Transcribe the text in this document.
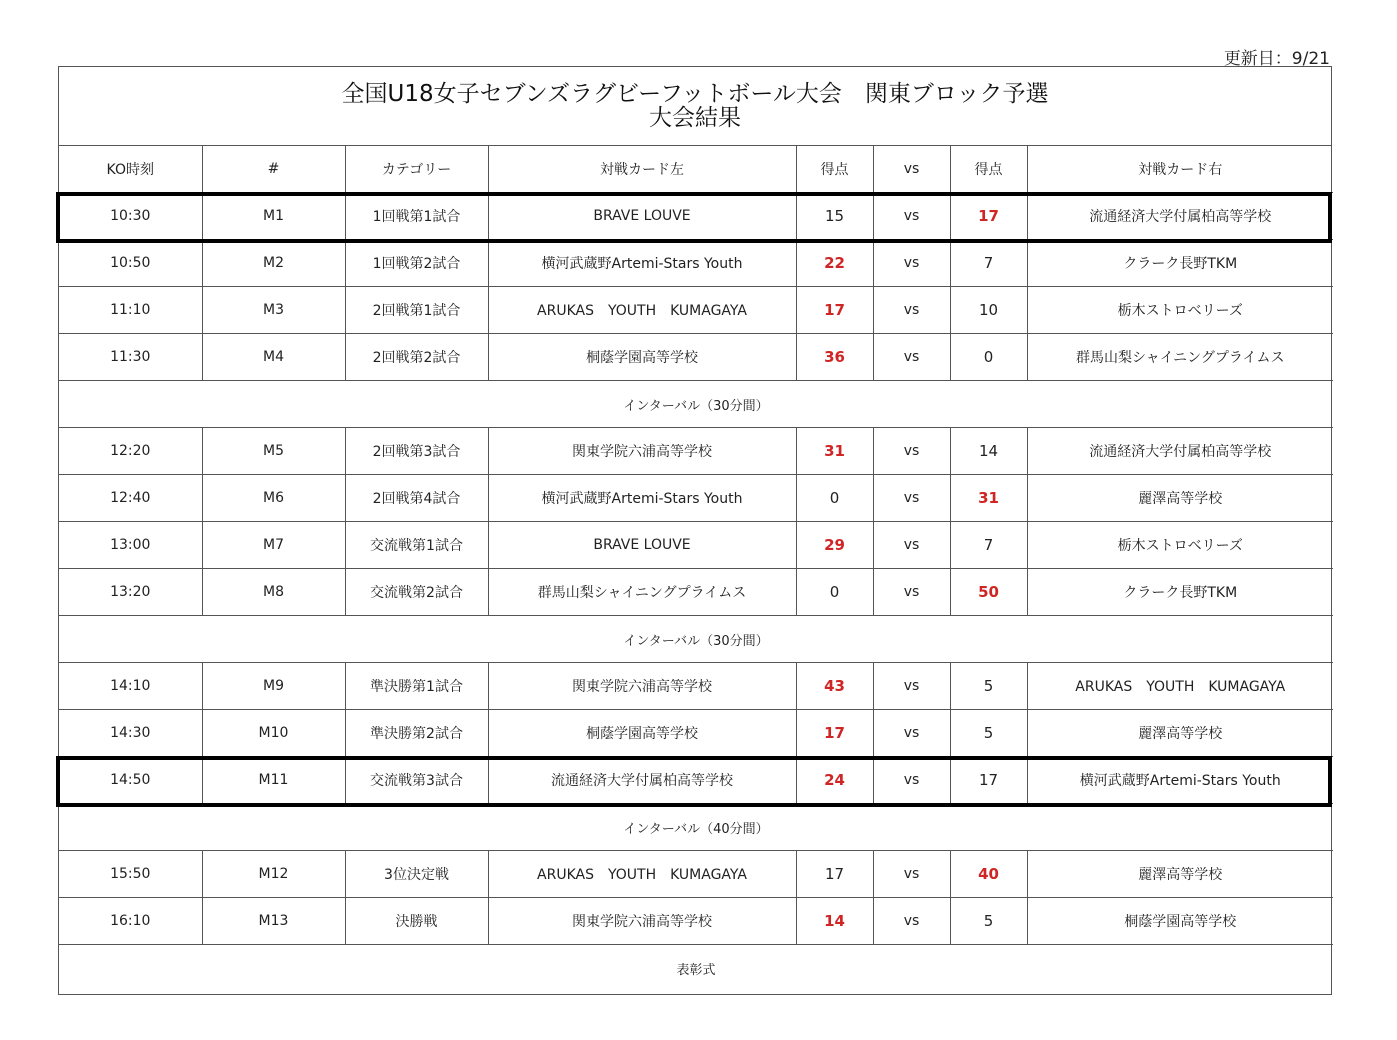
更新日：9/21
全国U18女子セブンズラグビーフットボール大会　関東ブロック予選
大会結果
KO時刻	#	カテゴリー	対戦カード左	得点	vs	得点	対戦カード右
10:30	M1	1回戦第1試合	BRAVE LOUVE	15	vs	17	流通経済大学付属柏高等学校
10:50	M2	1回戦第2試合	横河武蔵野Artemi-Stars Youth	22	vs	7	クラーク長野TKM
11:10	M3	2回戦第1試合	ARUKAS　YOUTH　KUMAGAYA	17	vs	10	栃木ストロベリーズ
11:30	M4	2回戦第2試合	桐蔭学園高等学校	36	vs	0	群馬山梨シャイニングプライムス
インターバル（30分間）							
12:20	M5	2回戦第3試合	関東学院六浦高等学校	31	vs	14	流通経済大学付属柏高等学校
12:40	M6	2回戦第4試合	横河武蔵野Artemi-Stars Youth	0	vs	31	麗澤高等学校
13:00	M7	交流戦第1試合	BRAVE LOUVE	29	vs	7	栃木ストロベリーズ
13:20	M8	交流戦第2試合	群馬山梨シャイニングプライムス	0	vs	50	クラーク長野TKM
インターバル（30分間）							
14:10	M9	準決勝第1試合	関東学院六浦高等学校	43	vs	5	ARUKAS　YOUTH　KUMAGAYA
14:30	M10	準決勝第2試合	桐蔭学園高等学校	17	vs	5	麗澤高等学校
14:50	M11	交流戦第3試合	流通経済大学付属柏高等学校	24	vs	17	横河武蔵野Artemi-Stars Youth
インターバル（40分間）							
15:50	M12	3位決定戦	ARUKAS　YOUTH　KUMAGAYA	17	vs	40	麗澤高等学校
16:10	M13	決勝戦	関東学院六浦高等学校	14	vs	5	桐蔭学園高等学校
表彰式							
